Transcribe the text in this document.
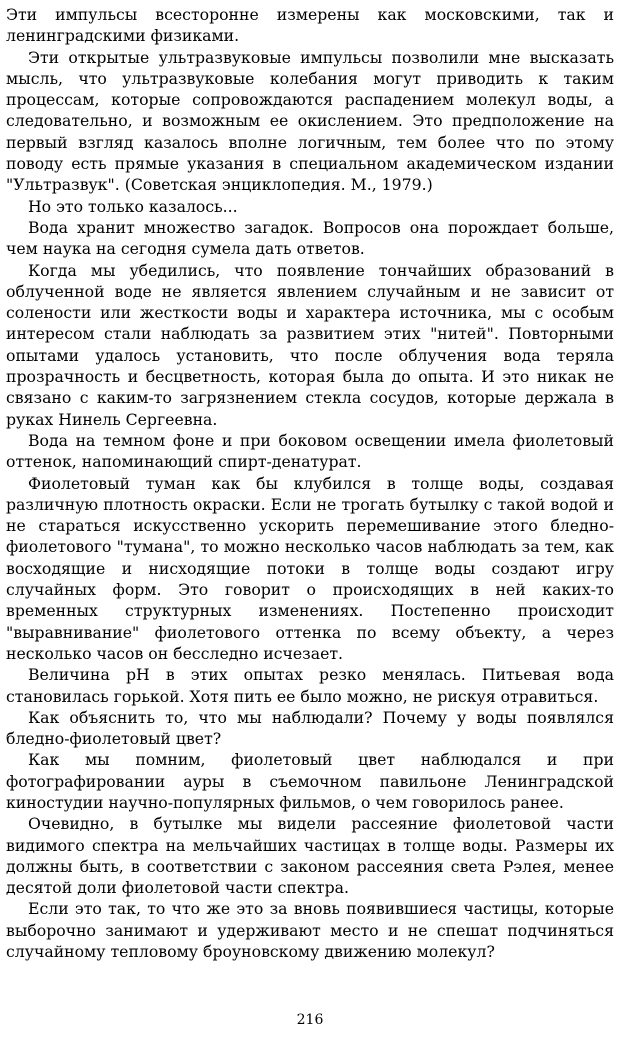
Эти импульсы всесторонне измерены как московскими, так и ленинградскими физиками.

Эти открытые ультразвуковые импульсы позволили мне высказать мысль, что ультразвуковые колебания могут приводить к таким процессам, которые сопровождаются распадением молекул воды, а следовательно, и возможным ее окислением. Это предположение на первый взгляд казалось вполне логичным, тем более что по этому поводу есть прямые указания в специальном академическом издании "Ультразвук". (Советская энциклопедия. М., 1979.)

Но это только казалось...

Вода хранит множество загадок. Вопросов она порождает больше, чем наука на сегодня сумела дать ответов.

Когда мы убедились, что появление тончайших образований в облученной воде не является явлением случайным и не зависит от солености или жесткости воды и характера источника, мы с особым интересом стали наблюдать за развитием этих "нитей". Повторными опытами удалось установить, что после облучения вода теряла прозрачность и бесцветность, которая была до опыта. И это никак не связано с каким-то загрязнением стекла сосудов, которые держала в руках Нинель Сергеевна.

Вода на темном фоне и при боковом освещении имела фиолетовый оттенок, напоминающий спирт-денатурат.

Фиолетовый туман как бы клубился в толще воды, создавая различную плотность окраски. Если не трогать бутылку с такой водой и не стараться искусственно ускорить перемешивание этого бледно-фиолетового "тумана", то можно несколько часов наблюдать за тем, как восходящие и нисходящие потоки в толще воды создают игру случайных форм. Это говорит о происходящих в ней каких-то временных структурных изменениях. Постепенно происходит "выравнивание" фиолетового оттенка по всему объекту, а через несколько часов он бесследно исчезает.

Величина pH в этих опытах резко менялась. Питьевая вода становилась горькой. Хотя пить ее было можно, не рискуя отравиться.

Как объяснить то, что мы наблюдали? Почему у воды появлялся бледно-фиолетовый цвет?

Как мы помним, фиолетовый цвет наблюдался и при фотографировании ауры в съемочном павильоне Ленинградской киностудии научно-популярных фильмов, о чем говорилось ранее.

Очевидно, в бутылке мы видели рассеяние фиолетовой части видимого спектра на мельчайших частицах в толще воды. Размеры их должны быть, в соответствии с законом рассеяния света Рэлея, менее десятой доли фиолетовой части спектра.

Если это так, то что же это за вновь появившиеся частицы, которые выборочно занимают и удерживают место и не спешат подчиняться случайному тепловому броуновскому движению молекул?

216
